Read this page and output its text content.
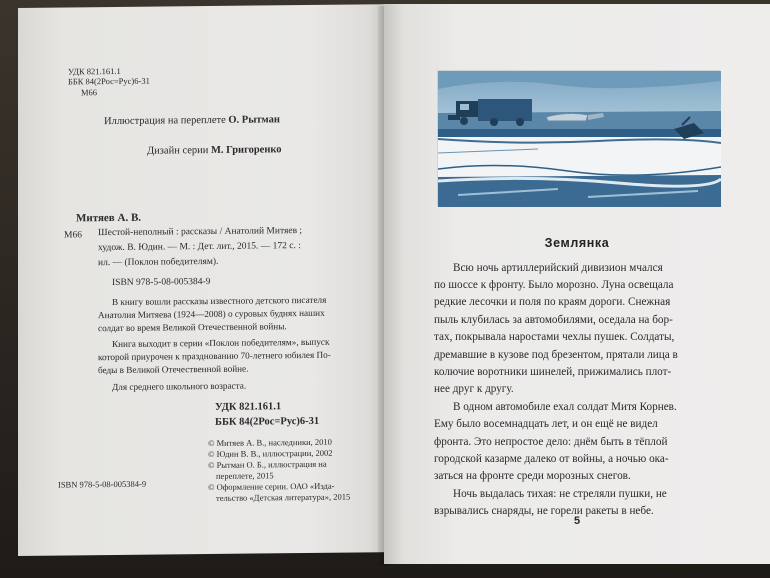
УДК 821.161.1
ББК 84(2Рос=Рус)6-31
М66
Иллюстрация на переплете О. Рытман
Дизайн серии М. Григоренко
Митяев А. В.
М66 Шестой-неполный : рассказы / Анатолий Митяев ;
худож. В. Юдин. — М. : Дет. лит., 2015. — 172 с. :
ил. — (Поклон победителям).
ISBN 978-5-08-005384-9
В книгу вошли рассказы известного детского писателя
Анатолия Митяева (1924—2008) о суровых буднях наших
солдат во время Великой Отечественной войны.
Книга выходит в серии «Поклон победителям», выпуск
которой приурочен к празднованию 70-летнего юбилея По-
беды в Великой Отечественной войне.
Для среднего школьного возраста.
УДК 821.161.1
ББК 84(2Рос=Рус)6-31
© Митяев А. В., наследники, 2010
© Юдин В. В., иллюстрации, 2002
© Рытман О. Б., иллюстрация на
переплете, 2015
© Оформление серии. ОАО «Изда-
тельство «Детская литература», 2015
ISBN 978-5-08-005384-9
Землянка
Всю ночь артиллерийский дивизион мчался
по шоссе к фронту. Было морозно. Луна освещала
редкие лесочки и поля по краям дороги. Снежная
пыль клубилась за автомобилями, оседала на бор-
тах, покрывала наростами чехлы пушек. Солдаты,
дремавшие в кузове под брезентом, прятали лица в
колючие воротники шинелей, прижимались плот-
нее друг к другу.
В одном автомобиле ехал солдат Митя Корнев.
Ему было восемнадцать лет, и он ещё не видел
фронта. Это непростое дело: днём быть в тёплой
городской казарме далеко от войны, а ночью ока-
заться на фронте среди морозных снегов.
Ночь выдалась тихая: не стреляли пушки, не
взрывались снаряды, не горели ракеты в небе.
5
